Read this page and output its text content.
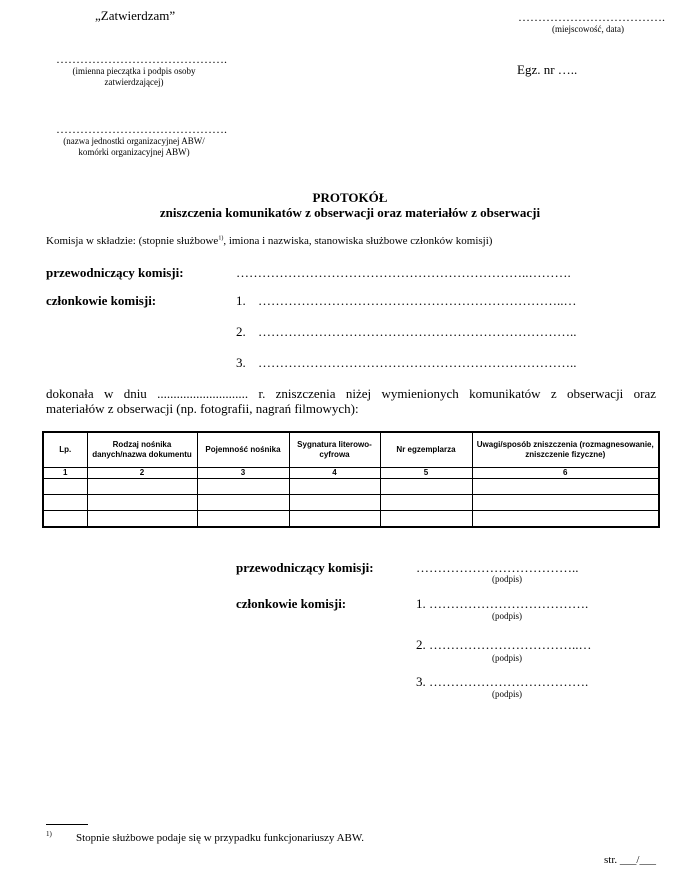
„Zatwierdzam”	……………………………….
(miejscowość, data)
…………………………………….
(imienna pieczątka i podpis osoby zatwierdzającej)
Egz. nr …..
…………………………………….
(nazwa jednostki organizacyjnej ABW/ komórki organizacyjnej ABW)
PROTOKÓŁ
zniszczenia komunikatów z obserwacji oraz materiałów z obserwacji
Komisja w składzie: (stopnie służbowe$^{1)}$, imiona i nazwiska, stanowiska służbowe członków komisji)
przewodniczący komisji:	…………………………………………………………..……….
członkowie komisji:	1. ……………………………………………………………..…
2. ………………………………………………………………..
3. ………………………………………………………………..
dokonała w dniu ............................ r. zniszczenia niżej wymienionych komunikatów z obserwacji oraz
materiałów z obserwacji (np. fotografii, nagrań filmowych):
Lp.	Rodzaj nośnika danych/nazwa dokumentu	Pojemność nośnika	Sygnatura literowo-cyfrowa	Nr egzemplarza	Uwagi/sposób zniszczenia (rozmagnesowanie, zniszczenie fizyczne)
1	2	3	4	5	6

przewodniczący komisji:	………………………………..
(podpis)
członkowie komisji:	1. ……………………………….
(podpis)
2. ……………………………..…
(podpis)
3. ……………………………….
(podpis)
1) Stopnie służbowe podaje się w przypadku funkcjonariuszy ABW.
str. ___/___
